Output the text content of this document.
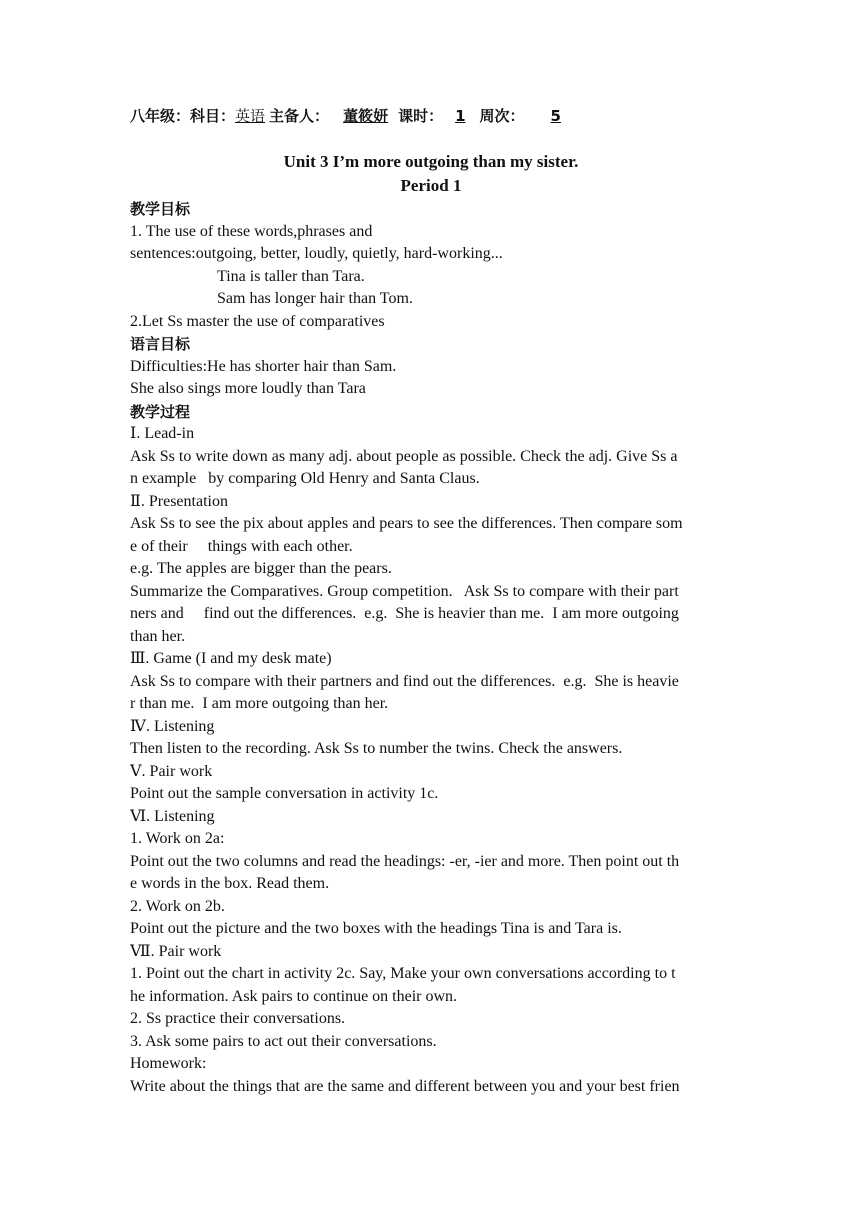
八年级：科目：英语 主备人： 董筱妍 课时： 1 周次： 5
Unit 3 I’m more outgoing than my sister.
Period 1
教学目标
1. The use of these words,phrases and
sentences:outgoing, better, loudly, quietly, hard-working...
Tina is taller than Tara.
Sam has longer hair than Tom.
2.Let Ss master the use of comparatives
语言目标
Difficulties:He has shorter hair than Sam.
She also sings more loudly than Tara
教学过程
Ⅰ. Lead-in
Ask Ss to write down as many adj. about people as possible. Check the adj. Give Ss a
n example   by comparing Old Henry and Santa Claus.
Ⅱ. Presentation
Ask Ss to see the pix about apples and pears to see the differences. Then compare som
e of their     things with each other.
e.g. The apples are bigger than the pears.
Summarize the Comparatives. Group competition.   Ask Ss to compare with their part
ners and     find out the differences.  e.g.  She is heavier than me.  I am more outgoing
than her.
Ⅲ. Game (I and my desk mate)
Ask Ss to compare with their partners and find out the differences.  e.g.  She is heavie
r than me.  I am more outgoing than her.
Ⅳ. Listening
Then listen to the recording. Ask Ss to number the twins. Check the answers.
Ⅴ. Pair work
Point out the sample conversation in activity 1c.
Ⅵ. Listening
1. Work on 2a:
Point out the two columns and read the headings: -er, -ier and more. Then point out th
e words in the box. Read them.
2. Work on 2b.
Point out the picture and the two boxes with the headings Tina is and Tara is.
Ⅶ. Pair work
1. Point out the chart in activity 2c. Say, Make your own conversations according to t
he information. Ask pairs to continue on their own.
2. Ss practice their conversations.
3. Ask some pairs to act out their conversations.
Homework:
Write about the things that are the same and different between you and your best frien
